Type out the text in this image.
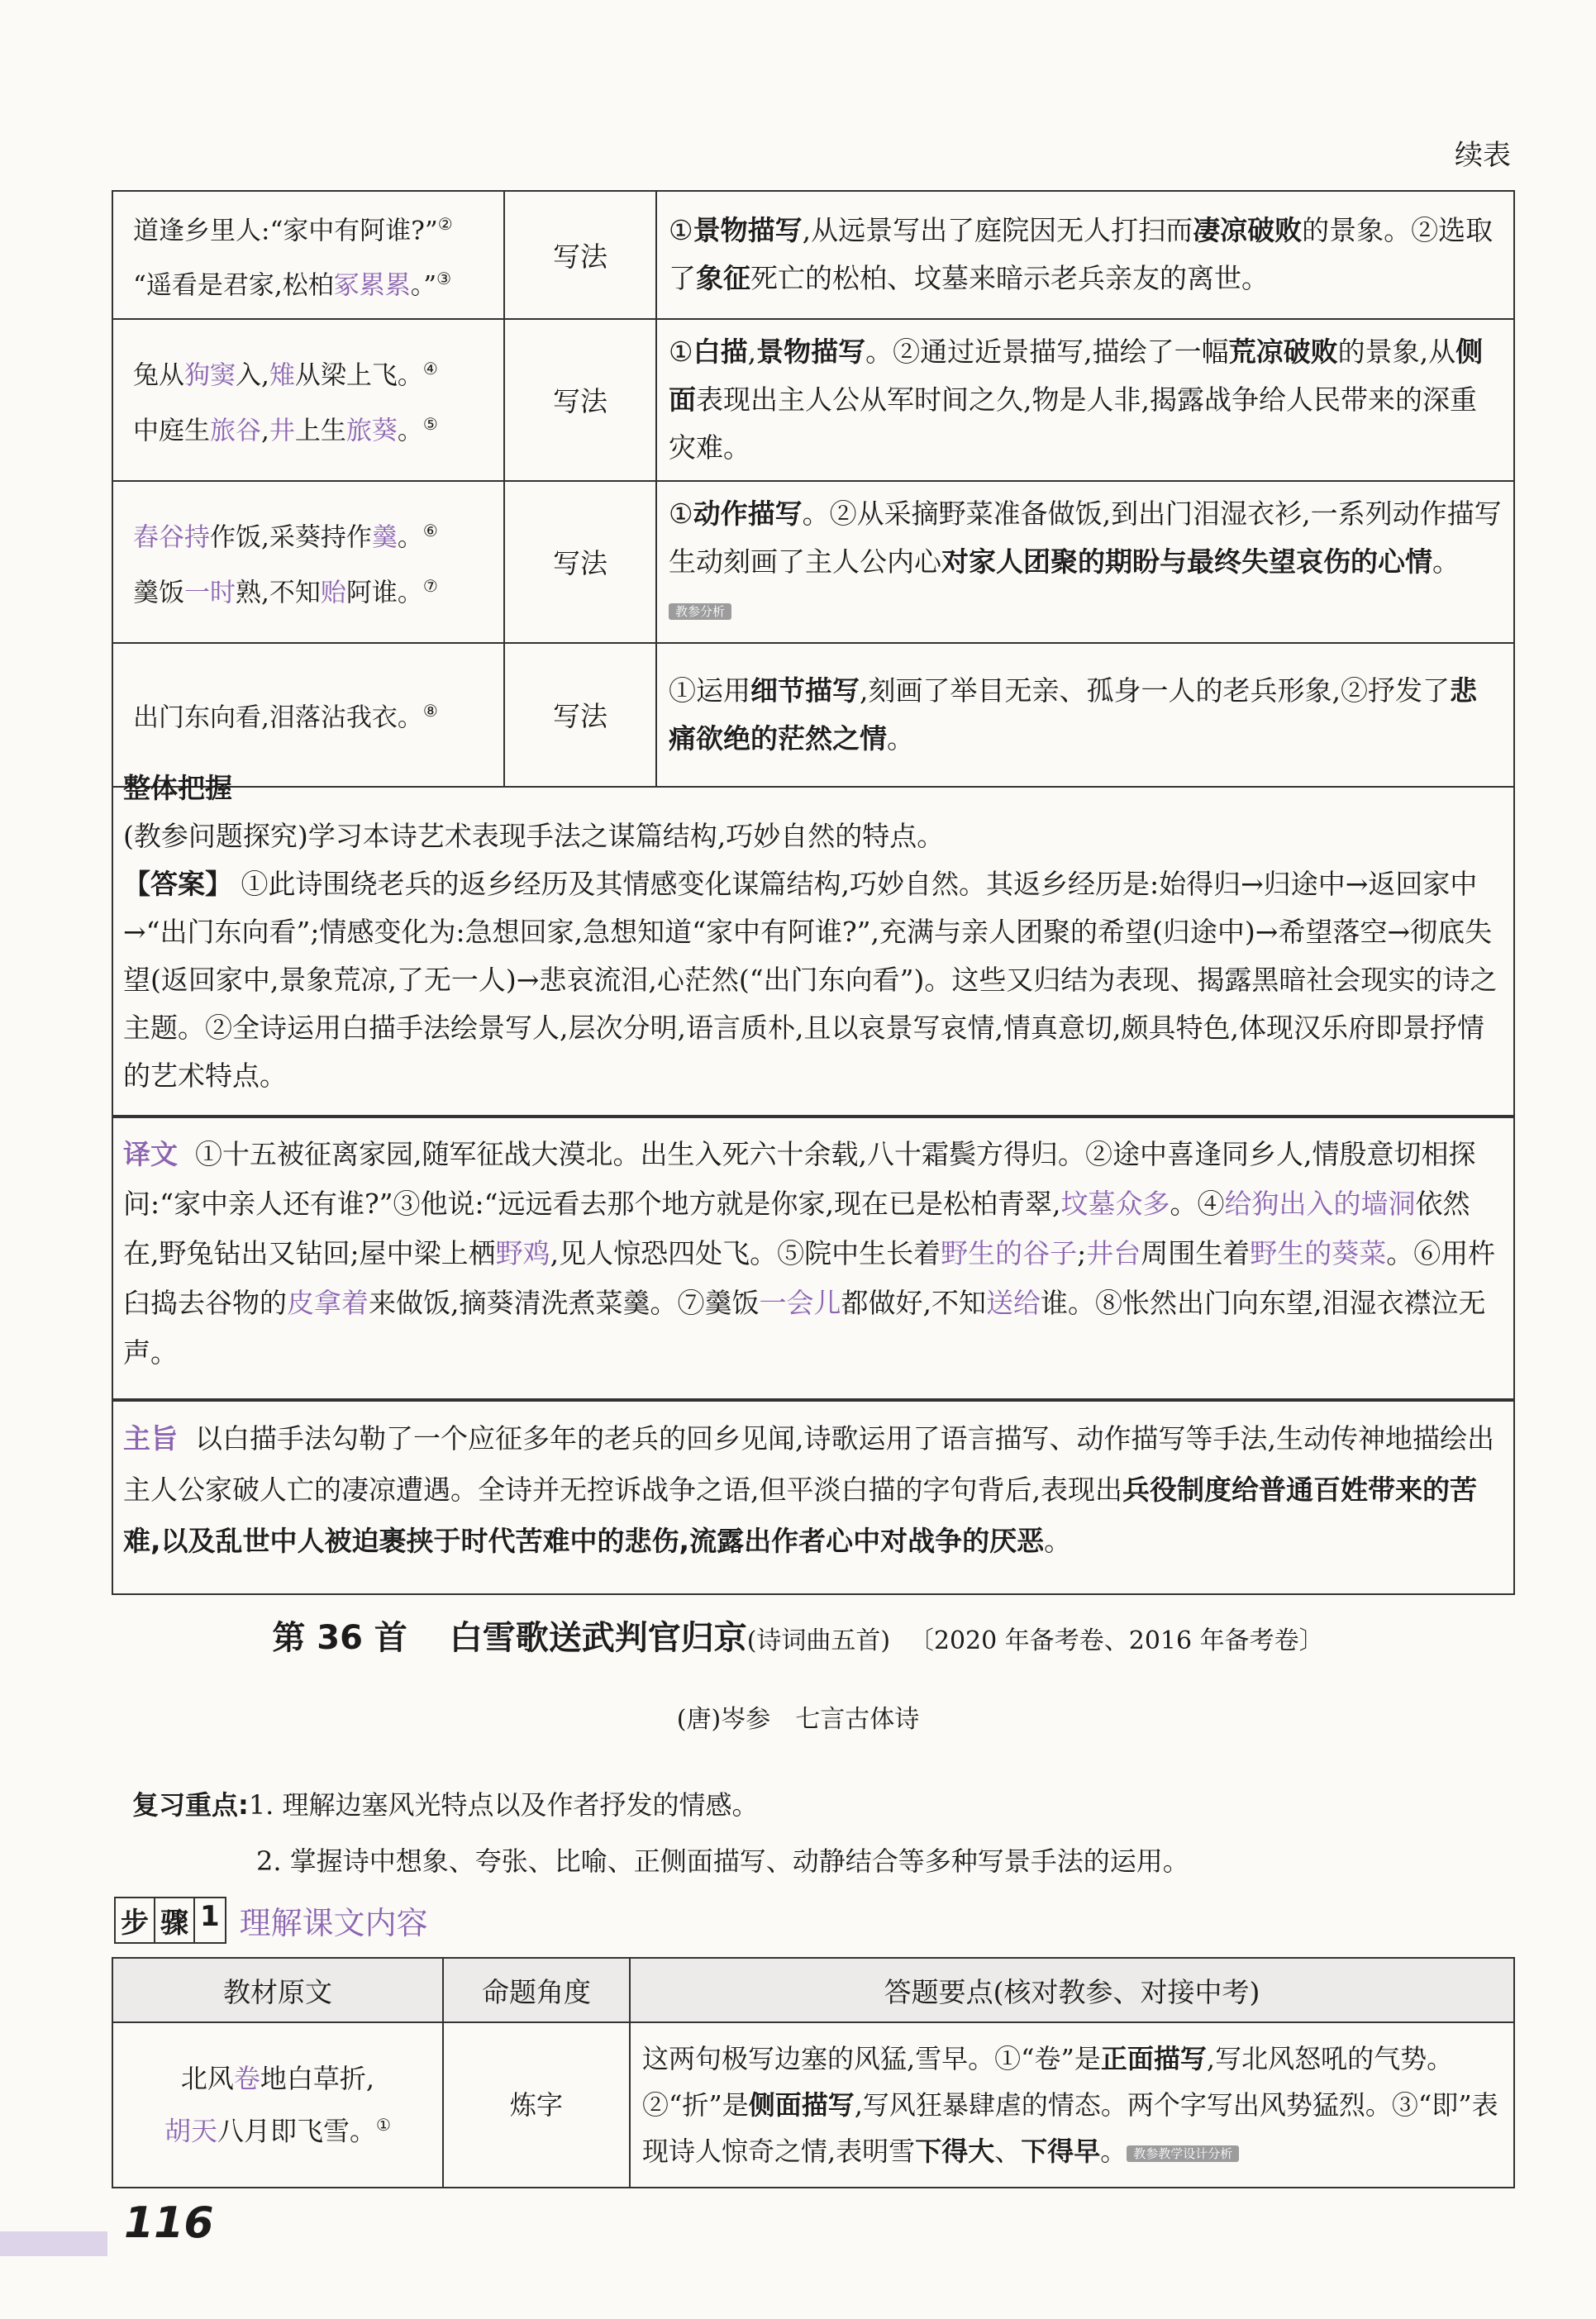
续表
道逢乡里人:“家中有阿谁?”②
“遥看是君家,松柏冢累累。”③	写法	①景物描写,从远景写出了庭院因无人打扫而凄凉破败的景象。②选取了象征死亡的松柏、坟墓来暗示老兵亲友的离世。

兔从狗窦入,雉从梁上飞。④
中庭生旅谷,井上生旅葵。⑤	写法	①白描,景物描写。②通过近景描写,描绘了一幅荒凉破败的景象,从侧面表现出主人公从军时间之久,物是人非,揭露战争给人民带来的深重灾难。

舂谷持作饭,采葵持作羹。⑥
羹饭一时熟,不知贻阿谁。⑦	写法	①动作描写。②从采摘野菜准备做饭,到出门泪湿衣衫,一系列动作描写生动刻画了主人公内心对家人团聚的期盼与最终失望哀伤的心情。教参分析

出门东向看,泪落沾我衣。⑧	写法	①运用细节描写,刻画了举目无亲、孤身一人的老兵形象,②抒发了悲痛欲绝的茫然之情。
整体把握
(教参问题探究)学习本诗艺术表现手法之谋篇结构,巧妙自然的特点。
【答案】 ①此诗围绕老兵的返乡经历及其情感变化谋篇结构,巧妙自然。其返乡经历是:始得归→归途中→返回家中→“出门东向看”;情感变化为:急想回家,急想知道“家中有阿谁?”,充满与亲人团聚的希望(归途中)→希望落空→彻底失望(返回家中,景象荒凉,了无一人)→悲哀流泪,心茫然(“出门东向看”)。这些又归结为表现、揭露黑暗社会现实的诗之主题。②全诗运用白描手法绘景写人,层次分明,语言质朴,且以哀景写哀情,情真意切,颇具特色,体现汉乐府即景抒情的艺术特点。
译文 ①十五被征离家园,随军征战大漠北。出生入死六十余载,八十霜鬓方得归。②途中喜逢同乡人,情殷意切相探问:“家中亲人还有谁?”③他说:“远远看去那个地方就是你家,现在已是松柏青翠,坟墓众多。④给狗出入的墙洞依然在,野兔钻出又钻回;屋中梁上栖野鸡,见人惊恐四处飞。⑤院中生长着野生的谷子;井台周围生着野生的葵菜。⑥用杵臼捣去谷物的皮拿着来做饭,摘葵清洗煮菜羹。⑦羹饭一会儿都做好,不知送给谁。⑧怅然出门向东望,泪湿衣襟泣无声。
主旨 以白描手法勾勒了一个应征多年的老兵的回乡见闻,诗歌运用了语言描写、动作描写等手法,生动传神地描绘出主人公家破人亡的凄凉遭遇。全诗并无控诉战争之语,但平淡白描的字句背后,表现出兵役制度给普通百姓带来的苦难,以及乱世中人被迫裹挟于时代苦难中的悲伤,流露出作者心中对战争的厌恶。
第 36 首 白雪歌送武判官归京(诗词曲五首) 〔2020 年备考卷、2016 年备考卷〕
(唐)岑参　七言古体诗
复习重点:1. 理解边塞风光特点以及作者抒发的情感。
2. 掌握诗中想象、夸张、比喻、正侧面描写、动静结合等多种写景手法的运用。
步 骤 1 理解课文内容
教材原文	命题角度	答题要点(核对教参、对接中考)

北风卷地白草折,
胡天八月即飞雪。①	炼字	这两句极写边塞的风猛,雪早。①“卷”是正面描写,写北风怒吼的气势。②“折”是侧面描写,写风狂暴肆虐的情态。两个字写出风势猛烈。③“即”表现诗人惊奇之情,表明雪下得大、下得早。 教参教学设计分析
116
